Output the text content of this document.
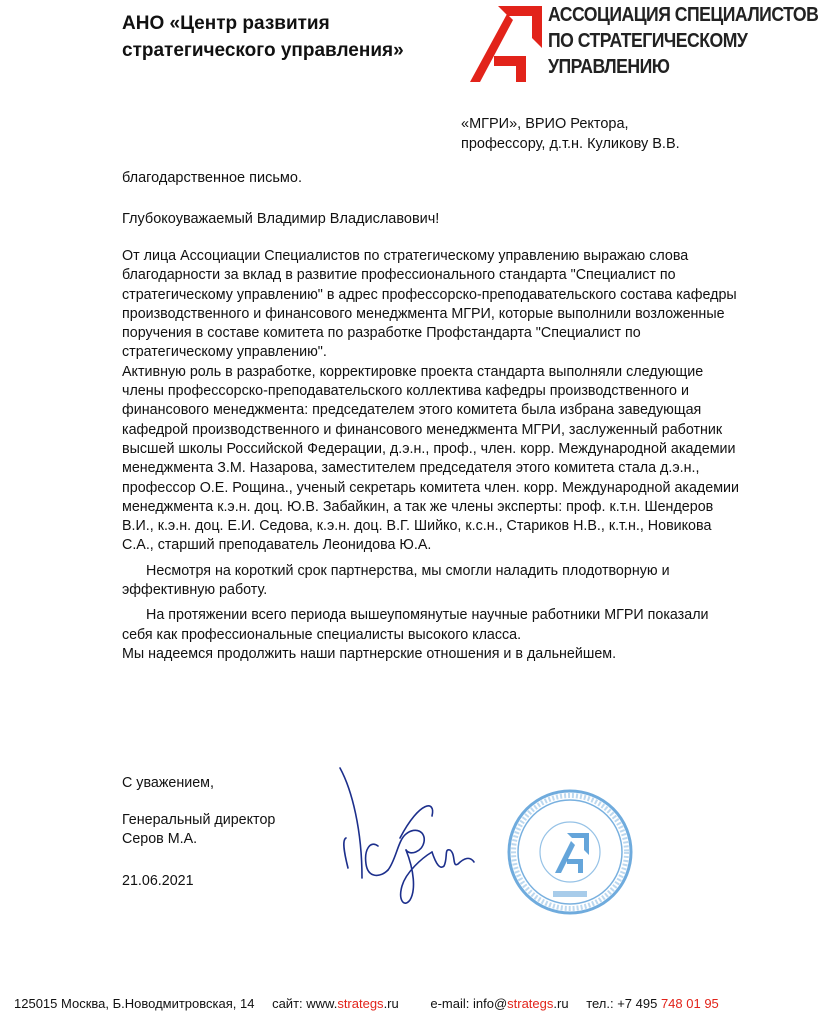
АНО «Центр развития стратегического управления»
АССОЦИАЦИЯ СПЕЦИАЛИСТОВ
ПО СТРАТЕГИЧЕСКОМУ
УПРАВЛЕНИЮ
«МГРИ», ВРИО Ректора,
профессору, д.т.н. Куликову В.В.
благодарственное письмо.
Глубокоуважаемый Владимир Владиславович!

От лица Ассоциации Специалистов по стратегическому управлению выражаю слова благодарности за вклад в развитие профессионального стандарта "Специалист по стратегическому управлению" в адрес профессорско-преподавательского состава кафедры производственного и финансового менеджмента МГРИ, которые выполнили возложенные поручения в составе комитета по разработке Профстандарта "Специалист по стратегическому управлению".

Активную роль в разработке, корректировке проекта стандарта выполняли следующие члены профессорско-преподавательского коллектива кафедры производственного и финансового менеджмента: председателем этого комитета была избрана заведующая кафедрой производственного и финансового менеджмента МГРИ, заслуженный работник высшей школы Российской Федерации, д.э.н., проф., член. корр. Международной академии менеджмента З.М. Назарова, заместителем председателя этого комитета стала д.э.н., профессор О.Е. Рощина., ученый секретарь комитета член. корр. Международной академии менеджмента к.э.н. доц. Ю.В. Забайкин, а так же члены эксперты: проф. к.т.н. Шендеров В.И., к.э.н. доц. Е.И. Седова, к.э.н. доц. В.Г. Шийко, к.с.н., Стариков Н.В., к.т.н., Новикова С.А., старший преподаватель Леонидова Ю.А.

Несмотря на короткий срок партнерства, мы смогли наладить плодотворную и эффективную работу.

На протяжении всего периода вышеупомянутые научные работники МГРИ показали себя как профессиональные специалисты высокого класса.

Мы надеемся продолжить наши партнерские отношения и в дальнейшем.

С уважением,
Генеральный директор
Серов М.А.
21.06.2021
125015 Москва, Б.Новодмитровская, 14 сайт: www.strategs.ru e-mail: info@strategs.ru тел.: +7 495 748 01 95
